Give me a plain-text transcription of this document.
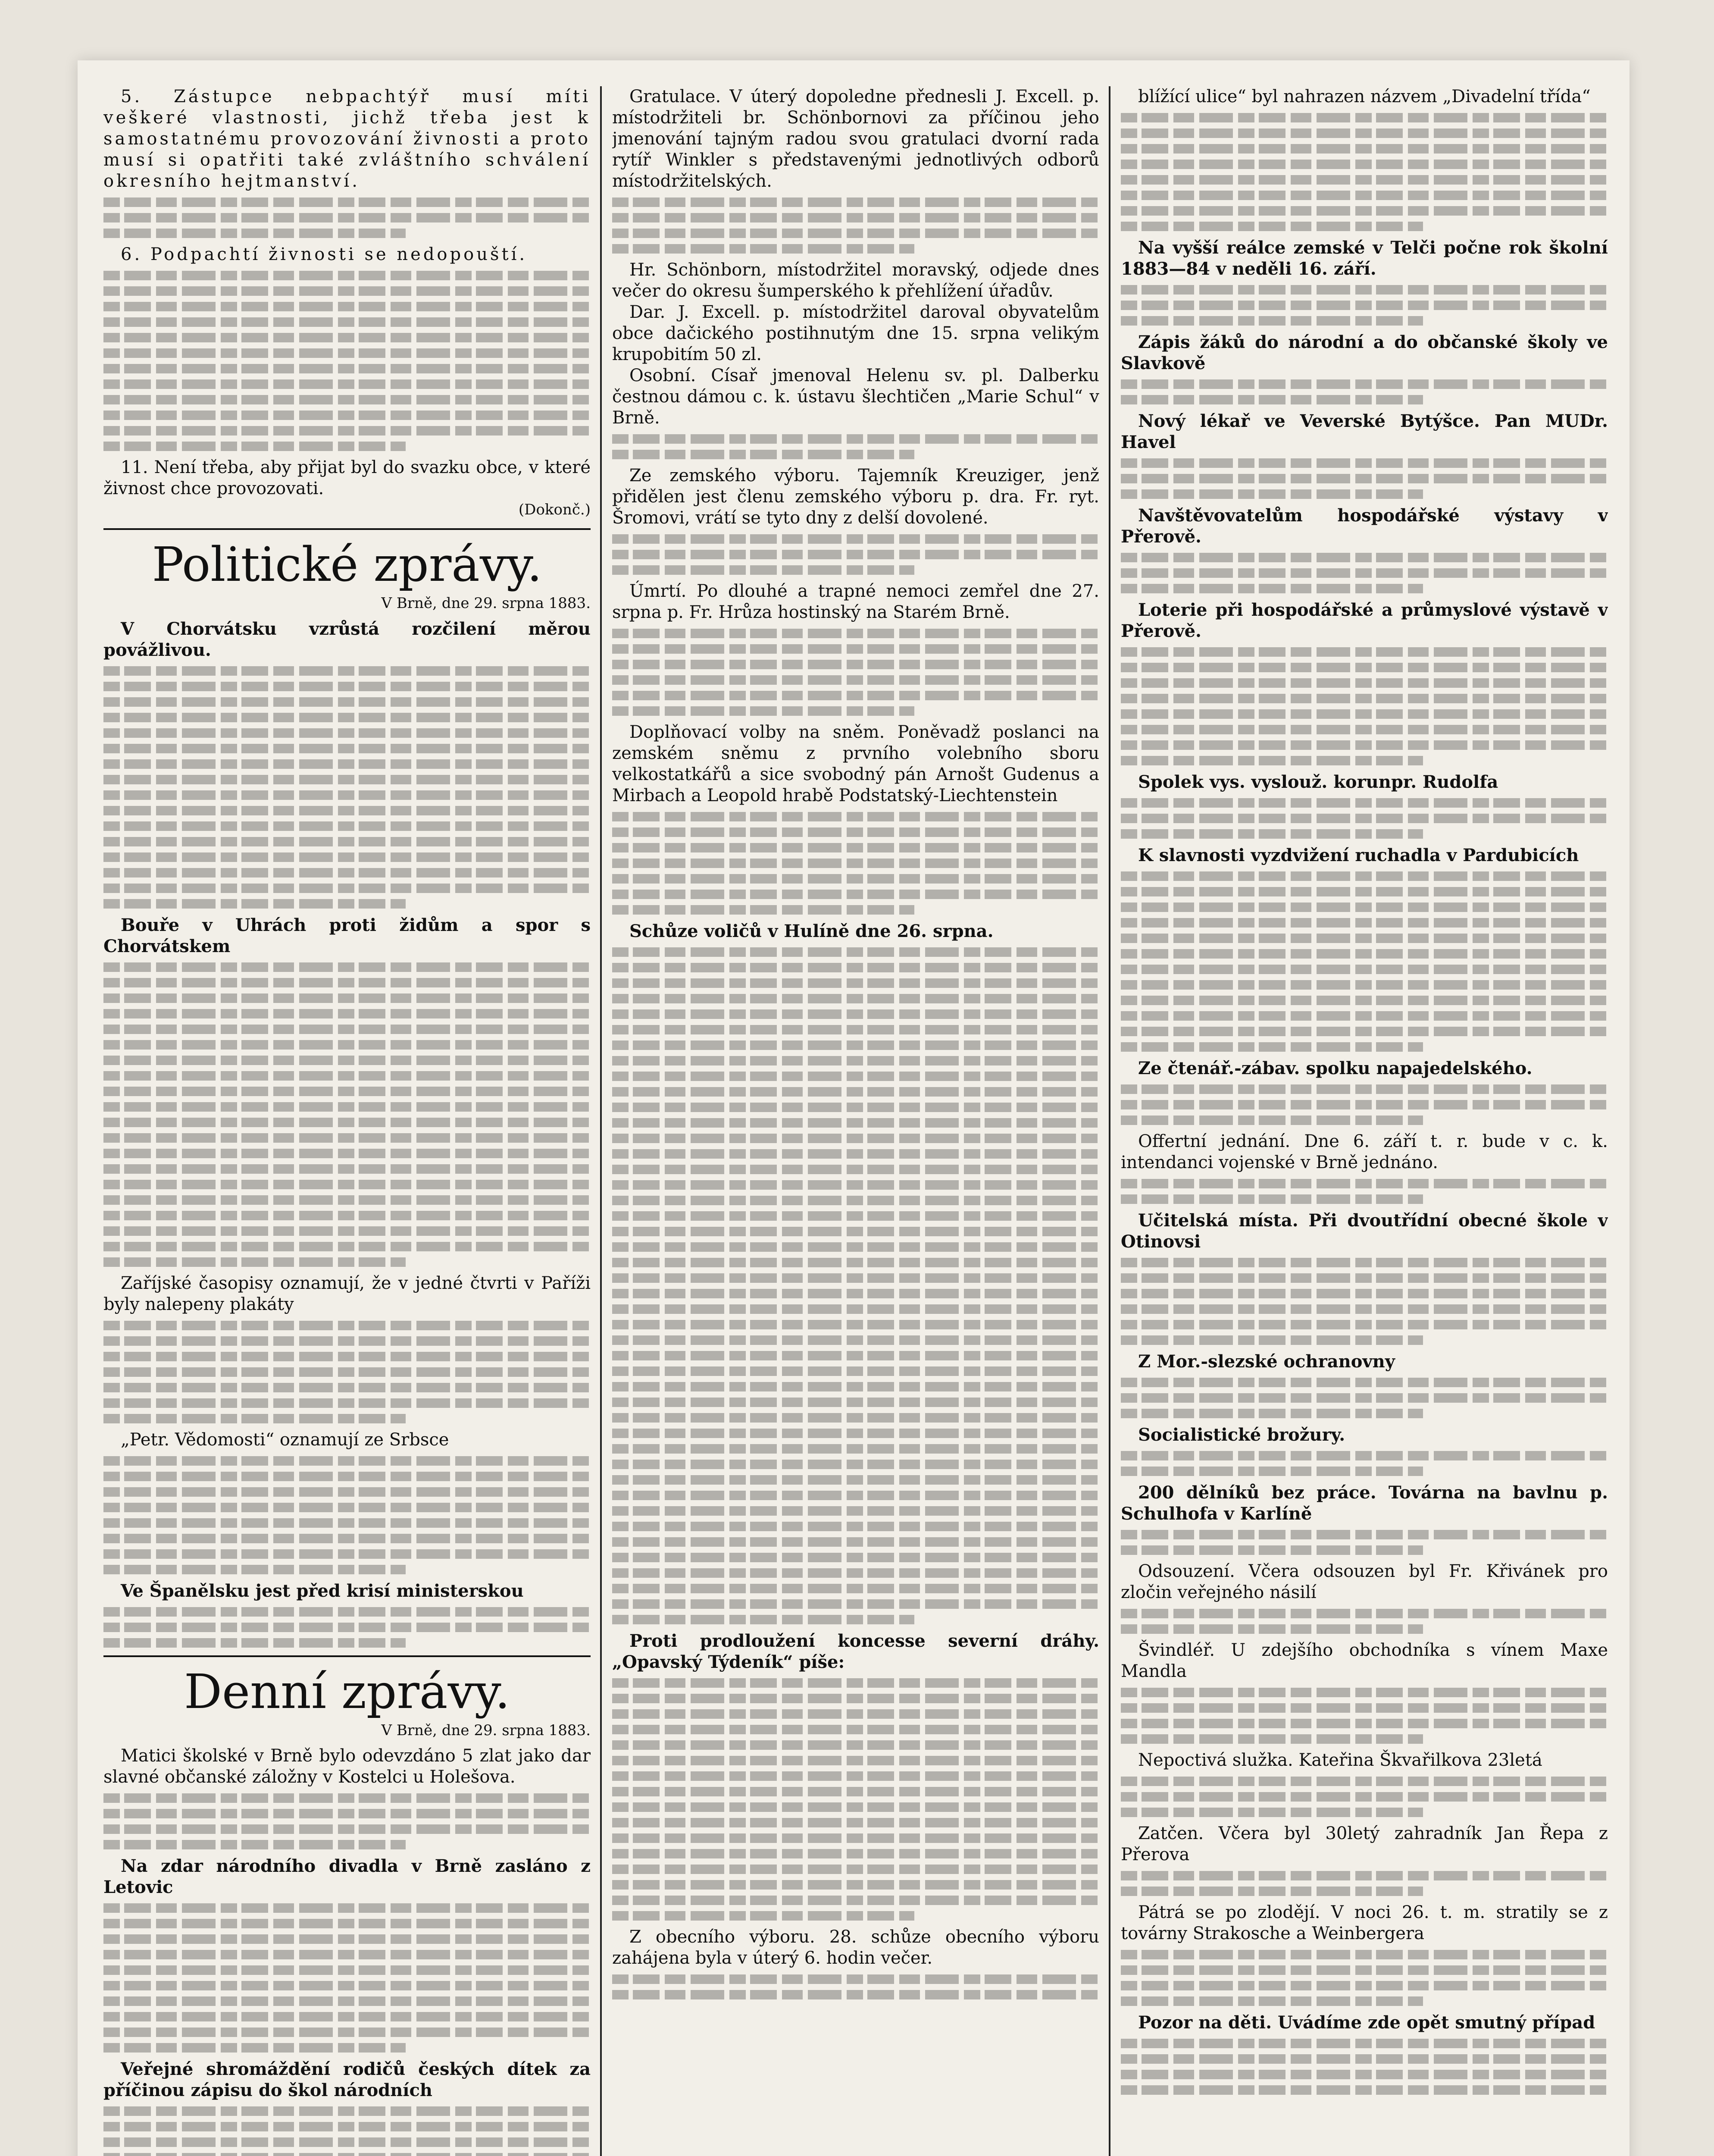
5. Zástupce nebpachtýř musí míti veškeré vlastnosti, jichž třeba jest k samostatnému provozování živnosti a proto musí si opatřiti také zvláštního schválení okresního hejtmanství.

6. Podpachtí živnosti se nedopouští.

11. Není třeba, aby přijat byl do svazku obce, v které živnost chce provozovati.

(Dokonč.)
Politické zprávy.
V Brně, dne 29. srpna 1883.

V Chorvátsku vzrůstá rozčilení měrou povážlivou.

Bouře v Uhrách proti židům a spor s Chorvátskem

Zaříjské časopisy oznamují, že v jedné čtvrti v Paříži byly nalepeny plakáty

„Petr. Vědomosti“ oznamují ze Srbsce

Ve Španělsku jest před krisí ministerskou

Denní zprávy.
V Brně, dne 29. srpna 1883.

Matici školské v Brně bylo odevzdáno 5 zlat jako dar slavné občanské záložny v Kostelci u Holešova.

Na zdar národního divadla v Brně zasláno z Letovic

Veřejné shromáždění rodičů českých dítek za příčinou zápisu do škol národních

Gratulace. V úterý dopoledne přednesli J. Excell. p. místodržiteli br. Schönbornovi za příčinou jeho jmenování tajným radou svou gratulaci dvorní rada rytíř Winkler s představenými jednotlivých odborů místodržitelských.

Hr. Schönborn, místodržitel moravský, odjede dnes večer do okresu šumperského k přehlížení úřadův.

Dar. J. Excell. p. místodržitel daroval obyvatelům obce dačického postihnutým dne 15. srpna velikým krupobitím 50 zl.

Osobní. Císař jmenoval Helenu sv. pl. Dalberku čestnou dámou c. k. ústavu šlechtičen „Marie Schul“ v Brně.

Ze zemského výboru. Tajemník Kreuziger, jenž přidělen jest členu zemského výboru p. dra. Fr. ryt. Šromovi, vrátí se tyto dny z delší dovolené.

Úmrtí. Po dlouhé a trapné nemoci zemřel dne 27. srpna p. Fr. Hrůza hostinský na Starém Brně.

Doplňovací volby na sněm. Poněvadž poslanci na zemském sněmu z prvního volebního sboru velkostatkářů a sice svobodný pán Arnošt Gudenus a Mirbach a Leopold hrabě Podstatský-Liechtenstein

Schůze voličů v Hulíně dne 26. srpna.

Proti prodloužení koncesse severní dráhy. „Opavský Týdeník“ píše:

Z obecního výboru. 28. schůze obecního výboru zahájena byla v úterý 6. hodin večer.

blížící ulice“ byl nahrazen názvem „Divadelní třída“

Na vyšší reálce zemské v Telči počne rok školní 1883—84 v neděli 16. září.

Zápis žáků do národní a do občanské školy ve Slavkově

Nový lékař ve Veverské Bytýšce. Pan MUDr. Havel

Navštěvovatelům hospodářské výstavy v Přerově.

Loterie při hospodářské a průmyslové výstavě v Přerově.

Spolek vys. vyslouž. korunpr. Rudolfa

K slavnosti vyzdvižení ruchadla v Pardubicích

Ze čtenář.-zábav. spolku napajedelského.

Offertní jednání. Dne 6. září t. r. bude v c. k. intendanci vojenské v Brně jednáno.

Učitelská místa. Při dvoutřídní obecné škole v Otinovsi

Z Mor.-slezské ochranovny

Socialistické brožury.

200 dělníků bez práce. Továrna na bavlnu p. Schulhofa v Karlíně

Odsouzení. Včera odsouzen byl Fr. Křivánek pro zločin veřejného násilí

Švindléř. U zdejšího obchodníka s vínem Maxe Mandla

Nepoctivá služka. Kateřina Škvařilkova 23letá

Zatčen. Včera byl 30letý zahradník Jan Řepa z Přerova

Pátrá se po zlodějí. V noci 26. t. m. stratily se z továrny Strakosche a Weinbergera

Pozor na děti. Uvádíme zde opět smutný případ
